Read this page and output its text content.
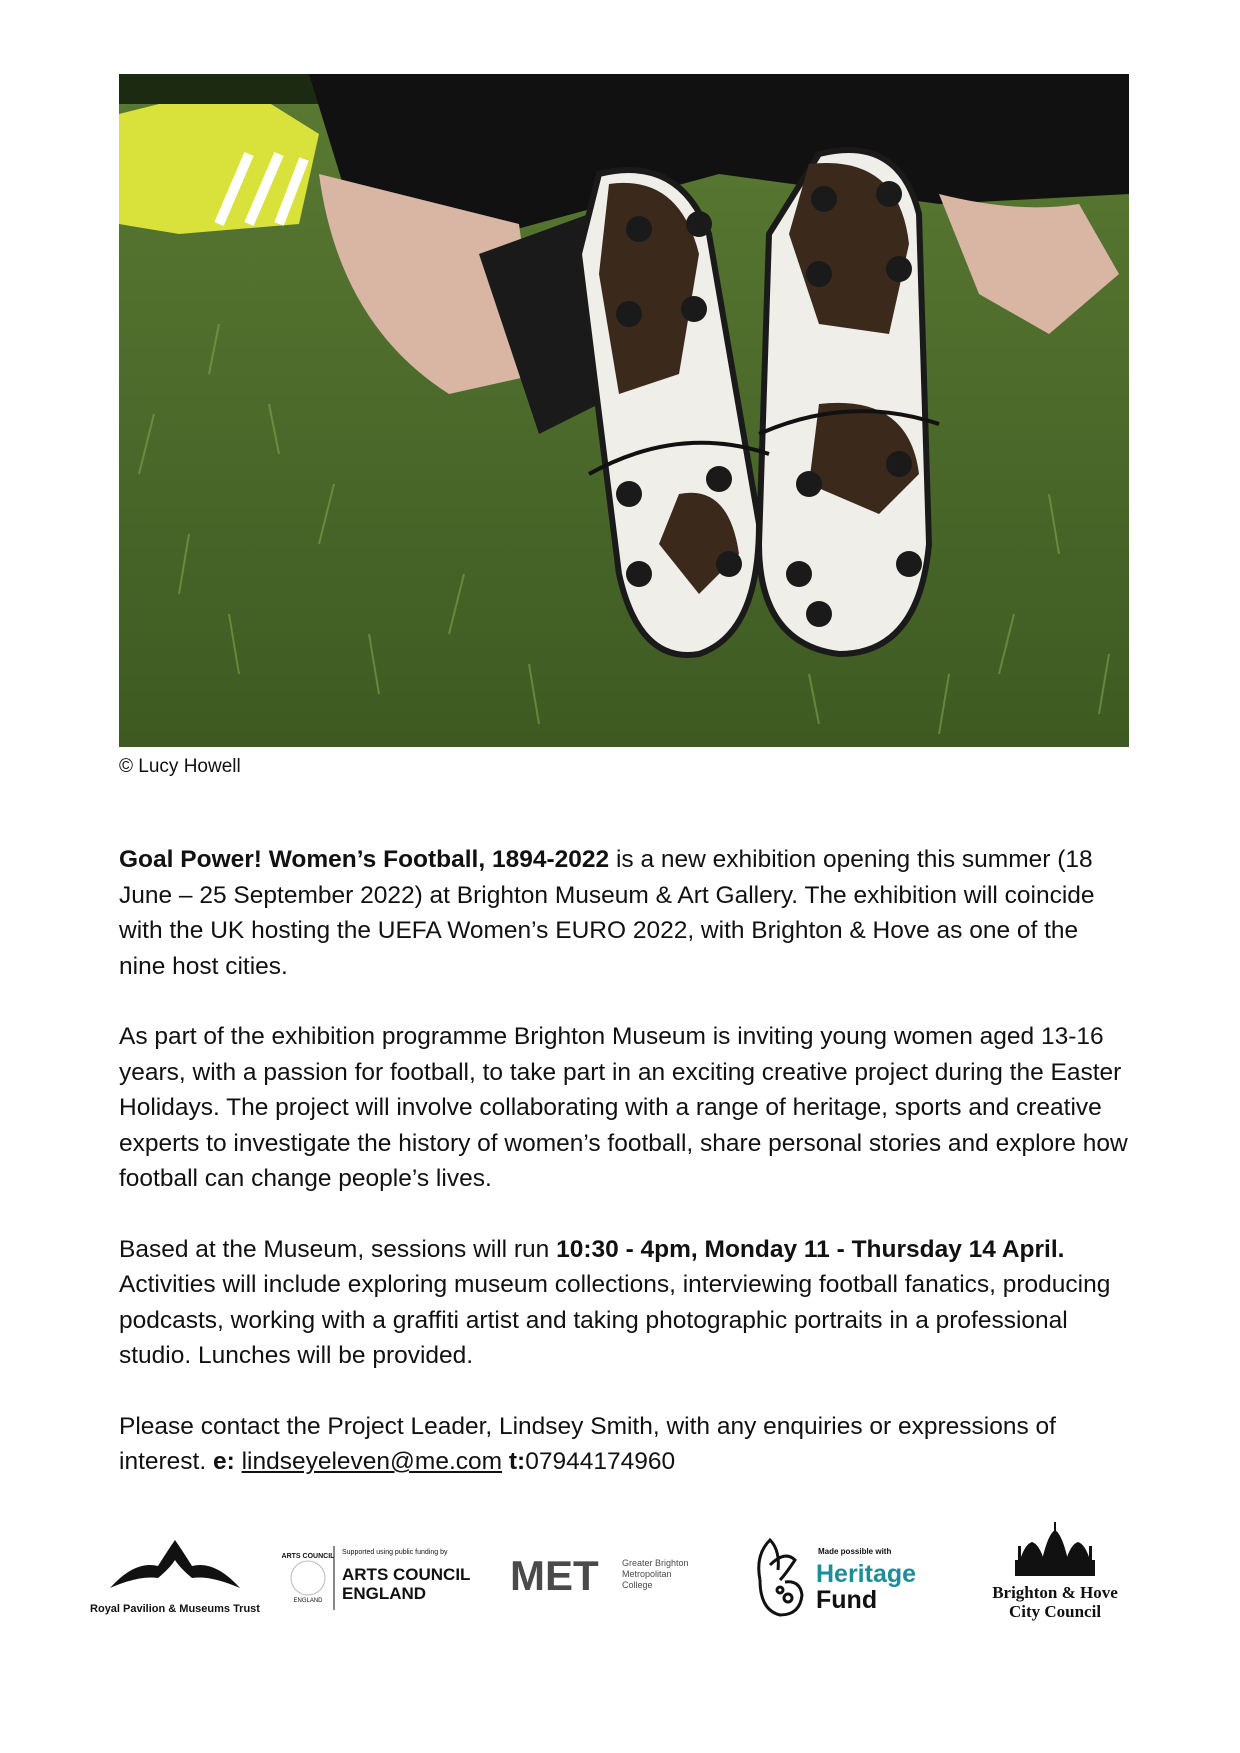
© Lucy Howell

Goal Power! Women’s Football, 1894-2022 is a new exhibition opening this summer (18 June – 25 September 2022) at Brighton Museum & Art Gallery. The exhibition will coincide with the UK hosting the UEFA Women’s EURO 2022, with Brighton & Hove as one of the nine host cities.

As part of the exhibition programme Brighton Museum is inviting young women aged 13-16 years, with a passion for football, to take part in an exciting creative project during the Easter Holidays. The project will involve collaborating with a range of heritage, sports and creative experts to investigate the history of women’s football, share personal stories and explore how football can change people’s lives.

Based at the Museum, sessions will run 10:30 - 4pm, Monday 11 - Thursday 14 April. Activities will include exploring museum collections, interviewing football fanatics, producing podcasts, working with a graffiti artist and taking photographic portraits in a professional studio. Lunches will be provided.

Please contact the Project Leader, Lindsey Smith, with any enquiries or expressions of interest. e: lindseyeleven@me.com t:07944174960

Royal Pavilion & Museums Trust
ARTS COUNCIL
ENGLAND
Supported using public funding by
ARTS COUNCIL
ENGLAND MET	Greater Brighton
Metropolitan
College
Made possible with
Heritage
Fund	Brighton & Hove
City Council
